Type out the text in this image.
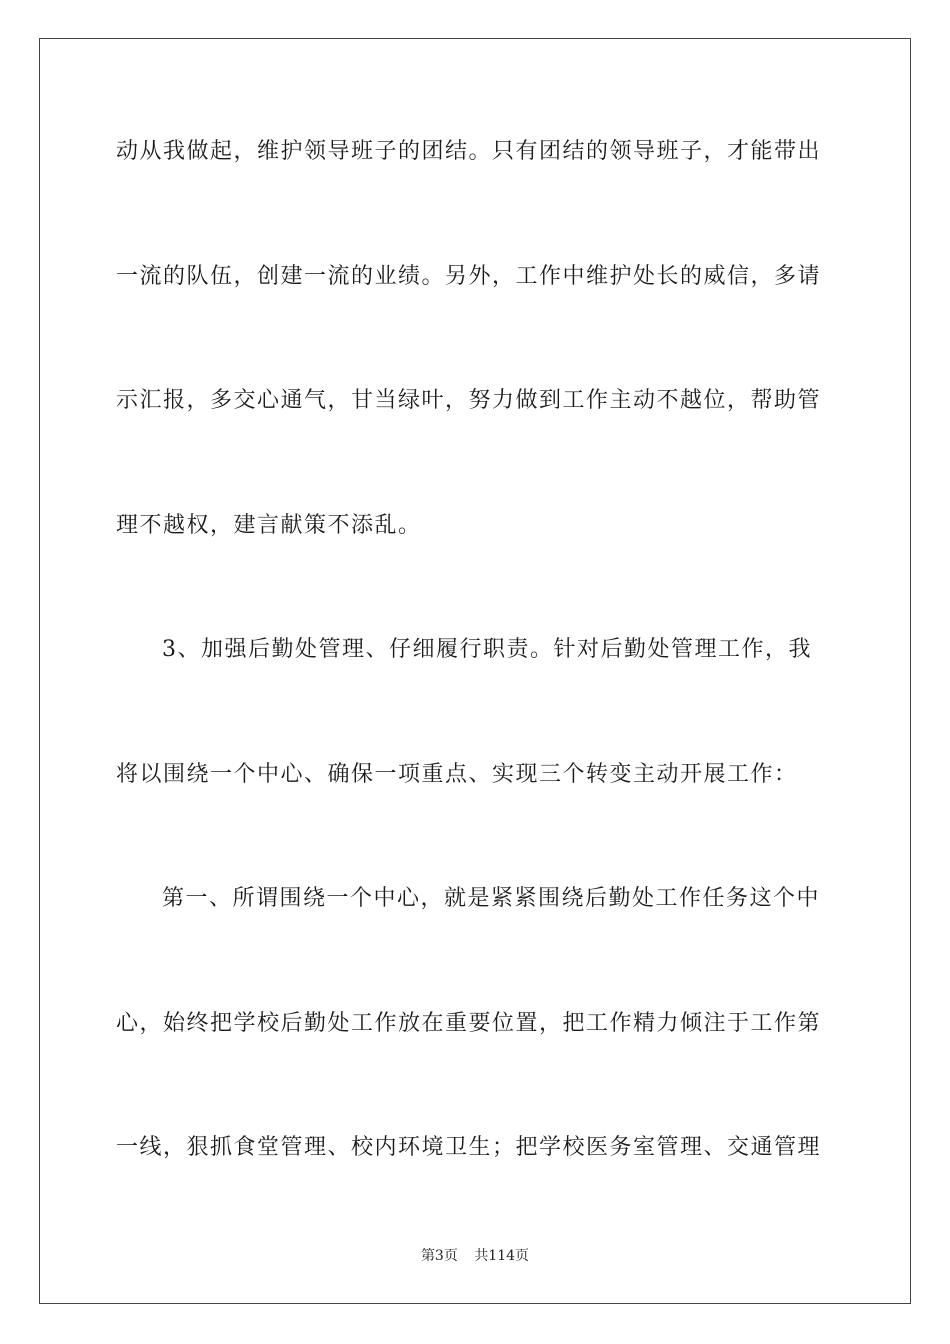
动从我做起，维护领导班子的团结。只有团结的领导班子，才能带出
一流的队伍，创建一流的业绩。另外，工作中维护处长的威信，多请
示汇报，多交心通气，甘当绿叶，努力做到工作主动不越位，帮助管
理不越权，建言献策不添乱。
3、加强后勤处管理、仔细履行职责。针对后勤处管理工作，我
将以围绕一个中心、确保一项重点、实现三个转变主动开展工作：
第一、所谓围绕一个中心，就是紧紧围绕后勤处工作任务这个中
心，始终把学校后勤处工作放在重要位置，把工作精力倾注于工作第
一线，狠抓食堂管理、校内环境卫生；把学校医务室管理、交通管理
第3页 共114页
